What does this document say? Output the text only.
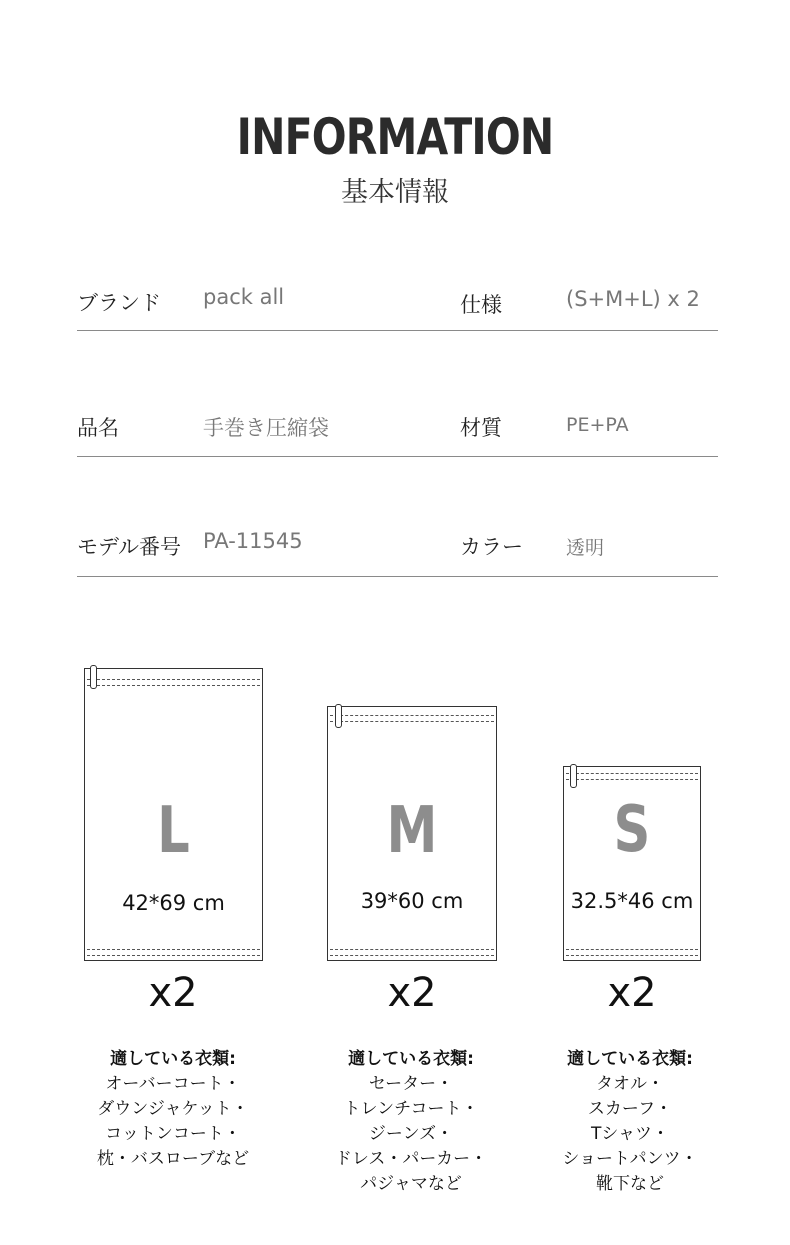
INFORMATION
基本情報
ブランド pack all	仕様	(S+M+L) x 2
品名	手巻き圧縮袋	材質	PE+PA
モデル番号 PA-11545	カラー 透明
L
42*69 cm
x2
適している衣類:
オーバーコート・
ダウンジャケット・
コットンコート・
枕・バスローブなど
M
39*60 cm
x2
適している衣類:
セーター・
トレンチコート・
ジーンズ・
ドレス・パーカー・
パジャマなど
S
32.5*46 cm
x2
適している衣類:
タオル・
スカーフ・
Tシャツ・
ショートパンツ・
靴下など
